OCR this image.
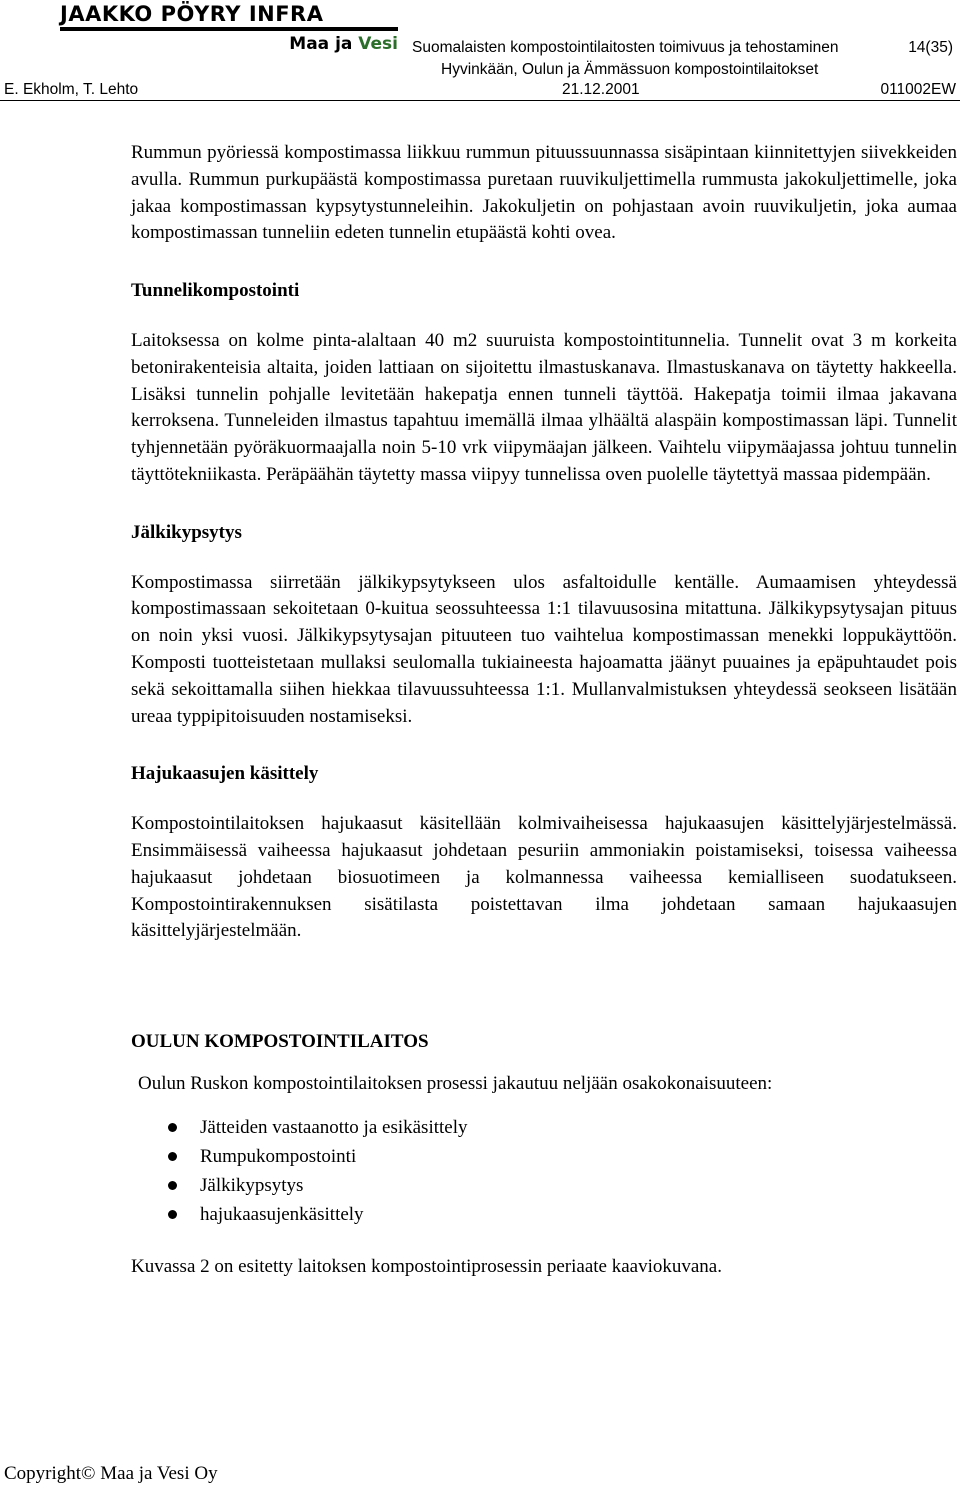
JAAKKO PÖYRY INFRA
Maa ja Vesi Suomalaisten kompostointilaitosten toimivuus ja tehostaminen	14(35)
Hyvinkään, Oulun ja Ämmässuon kompostointilaitokset
E. Ekholm, T. Lehto	21.12.2001	011002EW

Rummun pyöriessä kompostimassa liikkuu rummun pituussuunnassa sisäpintaan kiinnitettyjen siivekkeiden avulla. Rummun purkupäästä kompostimassa puretaan ruuvikuljettimella rummusta jakokuljettimelle, joka jakaa kompostimassan kypsytystunneleihin. Jakokuljetin on pohjastaan avoin ruuvikuljetin, joka aumaa kompostimassan tunneliin edeten tunnelin etupäästä kohti ovea.

Tunnelikompostointi

Laitoksessa on kolme pinta-alaltaan 40 m2 suuruista kompostointitunnelia. Tunnelit ovat 3 m korkeita betonirakenteisia altaita, joiden lattiaan on sijoitettu ilmastuskanava. Ilmastuskanava on täytetty hakkeella. Lisäksi tunnelin pohjalle levitetään hakepatja ennen tunneli täyttöä. Hakepatja toimii ilmaa jakavana kerroksena. Tunneleiden ilmastus tapahtuu imemällä ilmaa ylhäältä alaspäin kompostimassan läpi. Tunnelit tyhjennetään pyöräkuormaajalla noin 5-10 vrk viipymäajan jälkeen. Vaihtelu viipymäajassa johtuu tunnelin täyttötekniikasta. Peräpäähän täytetty massa viipyy tunnelissa oven puolelle täytettyä massaa pidempään.

Jälkikypsytys

Kompostimassa siirretään jälkikypsytykseen ulos asfaltoidulle kentälle. Aumaamisen yhteydessä kompostimassaan sekoitetaan 0-kuitua seossuhteessa 1:1 tilavuusosina mitattuna. Jälkikypsytysajan pituus on noin yksi vuosi. Jälkikypsytysajan pituuteen tuo vaihtelua kompostimassan menekki loppukäyttöön. Komposti tuotteistetaan mullaksi seulomalla tukiaineesta hajoamatta jäänyt puuaines ja epäpuhtaudet pois sekä sekoittamalla siihen hiekkaa tilavuussuhteessa 1:1. Mullanvalmistuksen yhteydessä seokseen lisätään ureaa typpipitoisuuden nostamiseksi.

Hajukaasujen käsittely

Kompostointilaitoksen hajukaasut käsitellään kolmivaiheisessa hajukaasujen käsittelyjärjestelmässä. Ensimmäisessä vaiheessa hajukaasut johdetaan pesuriin ammoniakin poistamiseksi, toisessa vaiheessa hajukaasut johdetaan biosuotimeen ja kolmannessa vaiheessa kemialliseen suodatukseen. Kompostointirakennuksen sisätilasta poistettavan ilma johdetaan samaan hajukaasujen käsittelyjärjestelmään.

OULUN KOMPOSTOINTILAITOS

Oulun Ruskon kompostointilaitoksen prosessi jakautuu neljään osakokonaisuuteen:

Jätteiden vastaanotto ja esikäsittely
Rumpukompostointi
Jälkikypsytys
hajukaasujenkäsittely

Kuvassa 2 on esitetty laitoksen kompostointiprosessin periaate kaaviokuvana.

Copyright© Maa ja Vesi Oy
